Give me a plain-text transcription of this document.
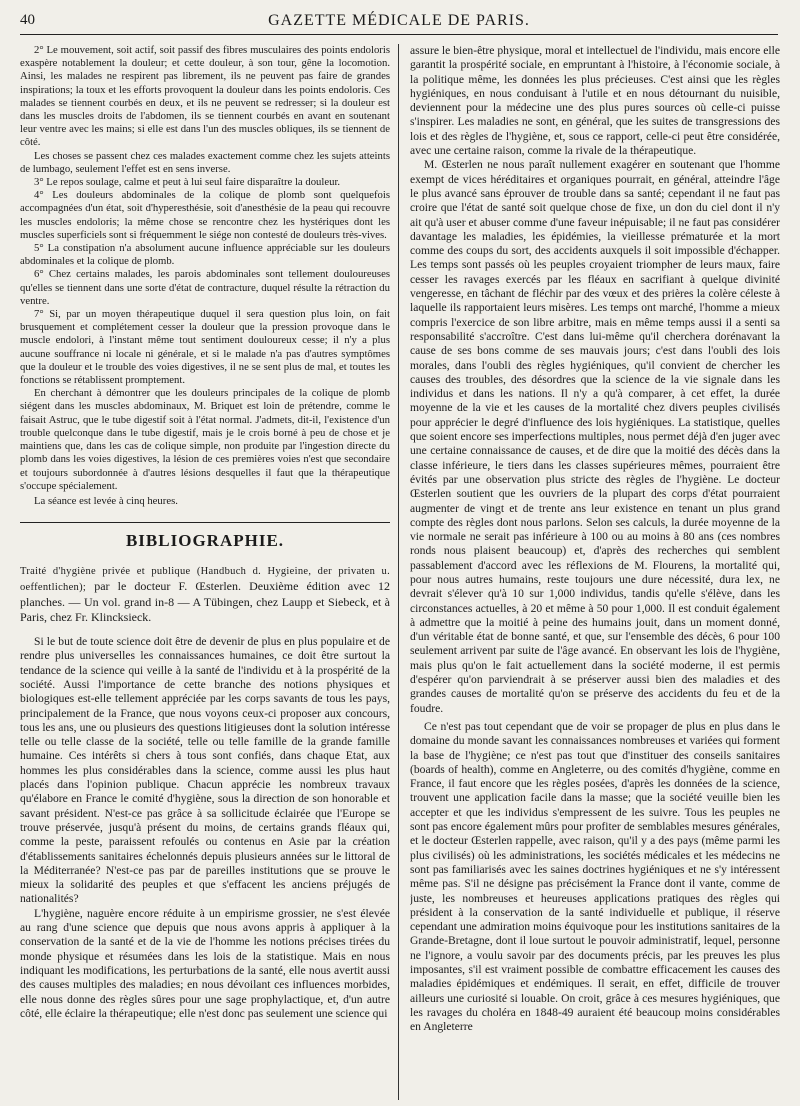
40	GAZETTE MÉDICALE DE PARIS.

2° Le mouvement, soit actif, soit passif des fibres musculaires des points endoloris exaspère notablement la douleur; et cette douleur, à son tour, gêne la locomotion. Ainsi, les malades ne respirent pas librement, ils ne peuvent pas faire de grandes inspirations; la toux et les efforts provoquent la douleur dans les points endoloris. Ces malades se tiennent courbés en deux, et ils ne peuvent se redresser; si la douleur est dans les muscles droits de l'abdomen, ils se tiennent courbés en avant en soutenant leur ventre avec les mains; si elle est dans l'un des muscles obliques, ils se tiennent de côté.

Les choses se passent chez ces malades exactement comme chez les sujets atteints de lumbago, seulement l'effet est en sens inverse.

3° Le repos soulage, calme et peut à lui seul faire disparaître la douleur.

4° Les douleurs abdominales de la colique de plomb sont quelquefois accompagnées d'un état, soit d'hyperesthésie, soit d'anesthésie de la peau qui recouvre les muscles endoloris; la même chose se rencontre chez les hystériques dont les muscles superficiels sont si fréquemment le siége non contesté de douleurs très-vives.

5° La constipation n'a absolument aucune influence appréciable sur les douleurs abdominales et la colique de plomb.

6° Chez certains malades, les parois abdominales sont tellement douloureuses qu'elles se tiennent dans une sorte d'état de contracture, duquel résulte la rétraction du ventre.

7° Si, par un moyen thérapeutique duquel il sera question plus loin, on fait brusquement et complétement cesser la douleur que la pression provoque dans le muscle endolori, à l'instant même tout sentiment douloureux cesse; il n'y a plus aucune souffrance ni locale ni générale, et si le malade n'a pas d'autres symptômes que la douleur et le trouble des voies digestives, il ne se sent plus de mal, et toutes les fonctions se rétablissent promptement.

En cherchant à démontrer que les douleurs principales de la colique de plomb siégent dans les muscles abdominaux, M. Briquet est loin de prétendre, comme le faisait Astruc, que le tube digestif soit à l'état normal. J'admets, dit-il, l'existence d'un trouble quelconque dans le tube digestif, mais je le crois borné à peu de chose et je maintiens que, dans les cas de colique simple, non produite par l'ingestion directe du plomb dans les voies digestives, la lésion de ces premières voies n'est que secondaire et toujours subordonnée à d'autres lésions desquelles il faut que la thérapeutique s'occupe spécialement.

La séance est levée à cinq heures.

BIBLIOGRAPHIE.

Traité d'hygiène privée et publique (Handbuch d. Hygieine, der privaten u. oeffentlichen); par le docteur F. Œsterlen. Deuxième édition avec 12 planches. — Un vol. grand in-8 — A Tübingen, chez Laupp et Siebeck, et à Paris, chez Fr. Klincksieck.

Si le but de toute science doit être de devenir de plus en plus populaire et de rendre plus universelles les connaissances humaines, ce doit être surtout la tendance de la science qui veille à la santé de l'individu et à la prospérité de la société. Aussi l'importance de cette branche des notions physiques et biologiques est-elle tellement appréciée par les corps savants de tous les pays, principalement de la France, que nous voyons ceux-ci proposer aux concours, tous les ans, une ou plusieurs des questions litigieuses dont la solution intéresse telle ou telle classe de la société, telle ou telle famille de la grande famille humaine. Ces intérêts si chers à tous sont confiés, dans chaque Etat, aux hommes les plus considérables dans la science, comme aussi les plus haut placés dans l'opinion publique. Chacun apprécie les nombreux travaux qu'élabore en France le comité d'hygiène, sous la direction de son honorable et savant président. N'est-ce pas grâce à sa sollicitude éclairée que l'Europe se trouve préservée, jusqu'à présent du moins, de certains grands fléaux qui, comme la peste, paraissent refoulés ou contenus en Asie par la création d'établissements sanitaires échelonnés depuis plusieurs années sur le littoral de la Méditerranée? N'est-ce pas par de pareilles institutions que se prouve le mieux la solidarité des peuples et que s'effacent les anciens préjugés de nationalités?

L'hygiène, naguère encore réduite à un empirisme grossier, ne s'est élevée au rang d'une science que depuis que nous avons appris à appliquer à la conservation de la santé et de la vie de l'homme les notions précises tirées du monde physique et résumées dans les lois de la statistique. Mais en nous indiquant les modifications, les perturbations de la santé, elle nous avertit aussi des causes multiples des maladies; en nous dévoilant ces influences morbides, elle nous donne des règles sûres pour une sage prophylactique, et, d'un autre côté, elle éclaire la thérapeutique; elle n'est donc pas seulement une science qui

assure le bien-être physique, moral et intellectuel de l'individu, mais encore elle garantit la prospérité sociale, en empruntant à l'histoire, à l'économie sociale, à la politique même, les données les plus précieuses. C'est ainsi que les règles hygiéniques, en nous conduisant à l'utile et en nous détournant du nuisible, deviennent pour la médecine une des plus pures sources où celle-ci puisse s'inspirer. Les maladies ne sont, en général, que les suites de transgressions des lois et des règles de l'hygiène, et, sous ce rapport, celle-ci peut être considérée, avec une certaine raison, comme la rivale de la thérapeutique.

M. Œsterlen ne nous paraît nullement exagérer en soutenant que l'homme exempt de vices héréditaires et organiques pourrait, en général, atteindre l'âge le plus avancé sans éprouver de trouble dans sa santé; cependant il ne faut pas croire que l'état de santé soit quelque chose de fixe, un don du ciel dont il n'y ait qu'à user et abuser comme d'une faveur inépuisable; il ne faut pas considérer davantage les maladies, les épidémies, la vieillesse prématurée et la mort comme des coups du sort, des accidents auxquels il soit impossible d'échapper. Les temps sont passés où les peuples croyaient triompher de leurs maux, faire cesser les ravages exercés par les fléaux en sacrifiant à quelque divinité vengeresse, en tâchant de fléchir par des vœux et des prières la colère céleste à laquelle ils rapportaient leurs misères. Les temps ont marché, l'homme a mieux compris l'exercice de son libre arbitre, mais en même temps aussi il a senti sa responsabilité s'accroître. C'est dans lui-même qu'il cherchera dorénavant la cause de ses bons comme de ses mauvais jours; c'est dans l'oubli des lois morales, dans l'oubli des règles hygiéniques, qu'il convient de chercher les causes des troubles, des désordres que la science de la vie signale dans les individus et dans les nations. Il n'y a qu'à comparer, à cet effet, la durée moyenne de la vie et les causes de la mortalité chez divers peuples civilisés pour apprécier le degré d'influence des lois hygiéniques. La statistique, quelles que soient encore ses imperfections multiples, nous permet déjà d'en juger avec une certaine connaissance de causes, et de dire que la moitié des décès dans la classe inférieure, le tiers dans les classes supérieures mêmes, pourraient être évités par une observation plus stricte des règles de l'hygiène. Le docteur Œsterlen soutient que les ouvriers de la plupart des corps d'état pourraient augmenter de vingt et de trente ans leur existence en tenant un plus grand compte des règles dont nous parlons. Selon ses calculs, la durée moyenne de la vie normale ne serait pas inférieure à 100 ou au moins à 80 ans (ces nombres ronds nous plaisent beaucoup) et, d'après des recherches qui semblent passablement d'accord avec les réflexions de M. Flourens, la mortalité qui, pour nous autres humains, reste toujours une dure nécessité, dura lex, ne devrait s'élever qu'à 10 sur 1,000 individus, tandis qu'elle s'élève, dans les circonstances actuelles, à 20 et même à 50 pour 1,000. Il est conduit également à admettre que la moitié à peine des humains jouit, dans un moment donné, d'un véritable état de bonne santé, et que, sur l'ensemble des décès, 6 pour 100 seulement arrivent par suite de l'âge avancé. En observant les lois de l'hygiène, mais plus qu'on le fait actuellement dans la société moderne, il est permis d'espérer qu'on parviendrait à se préserver aussi bien des maladies et des grandes causes de mortalité qu'on se préserve des accidents du feu et de la foudre.

Ce n'est pas tout cependant que de voir se propager de plus en plus dans le domaine du monde savant les connaissances nombreuses et variées qui forment la base de l'hygiène; ce n'est pas tout que d'instituer des conseils sanitaires (boards of health), comme en Angleterre, ou des comités d'hygiène, comme en France, il faut encore que les règles posées, d'après les données de la science, trouvent une application facile dans la masse; que la société veuille bien les accepter et que les individus s'empressent de les suivre. Tous les peuples ne sont pas encore également mûrs pour profiter de semblables mesures générales, et le docteur Œsterlen rappelle, avec raison, qu'il y a des pays (même parmi les plus civilisés) où les administrations, les sociétés médicales et les médecins ne sont pas familiarisés avec les saines doctrines hygiéniques et ne s'y intéressent même pas. S'il ne désigne pas précisément la France dont il vante, comme de juste, les nombreuses et heureuses applications pratiques des règles qui président à la conservation de la santé individuelle et publique, il réserve cependant une admiration moins équivoque pour les institutions sanitaires de la Grande-Bretagne, dont il loue surtout le pouvoir administratif, lequel, personne ne l'ignore, a voulu savoir par des documents précis, par les preuves les plus imposantes, s'il est vraiment possible de combattre efficacement les causes des maladies épidémiques et endémiques. Il serait, en effet, difficile de trouver ailleurs une curiosité si louable. On croit, grâce à ces mesures hygiéniques, que les ravages du choléra en 1848-49 auraient été beaucoup moins considérables en Angleterre
